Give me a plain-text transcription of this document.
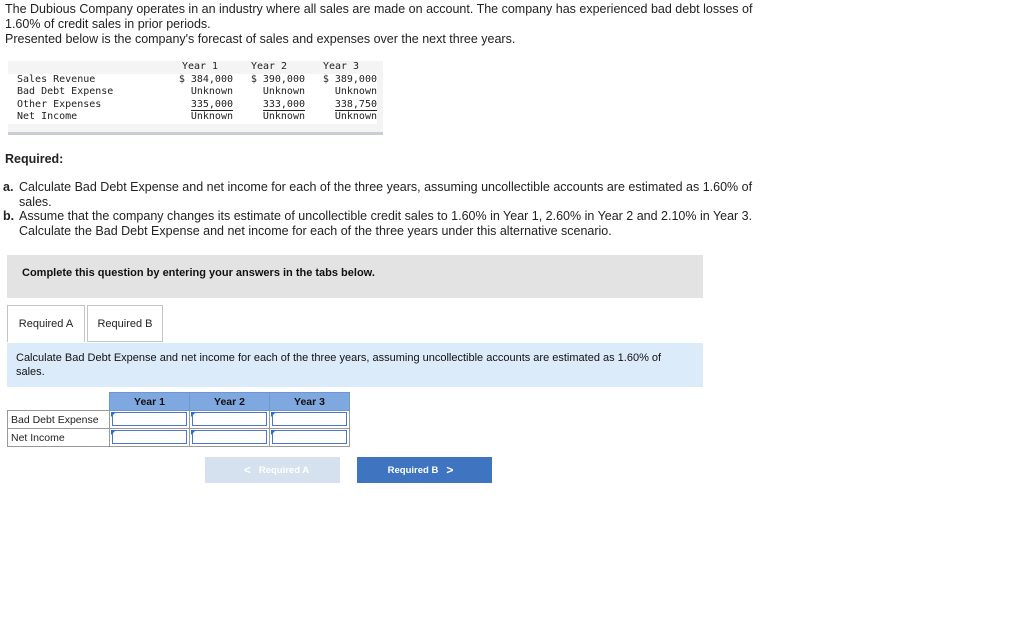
The Dubious Company operates in an industry where all sales are made on account. The company has experienced bad debt losses of 1.60% of credit sales in prior periods.

Presented below is the company's forecast of sales and expenses over the next three years.

	Year 1	Year 2	Year 3
Sales Revenue	$ 384,000	$ 390,000	$ 389,000
Bad Debt Expense	Unknown	Unknown	Unknown
Other Expenses	335,000	333,000	338,750
Net Income	Unknown	Unknown	Unknown
Required:
a. Calculate Bad Debt Expense and net income for each of the three years, assuming uncollectible accounts are estimated as 1.60% of sales.
b. Assume that the company changes its estimate of uncollectible credit sales to 1.60% in Year 1, 2.60% in Year 2 and 2.10% in Year 3. Calculate the Bad Debt Expense and net income for each of the three years under this alternative scenario.
Complete this question by entering your answers in the tabs below.
Required A	Required B
Calculate Bad Debt Expense and net income for each of the three years, assuming uncollectible accounts are estimated as 1.60% of sales.
	Year 1	Year 2	Year 3
Bad Debt Expense	

Net Income	

< Required A	Required B >
